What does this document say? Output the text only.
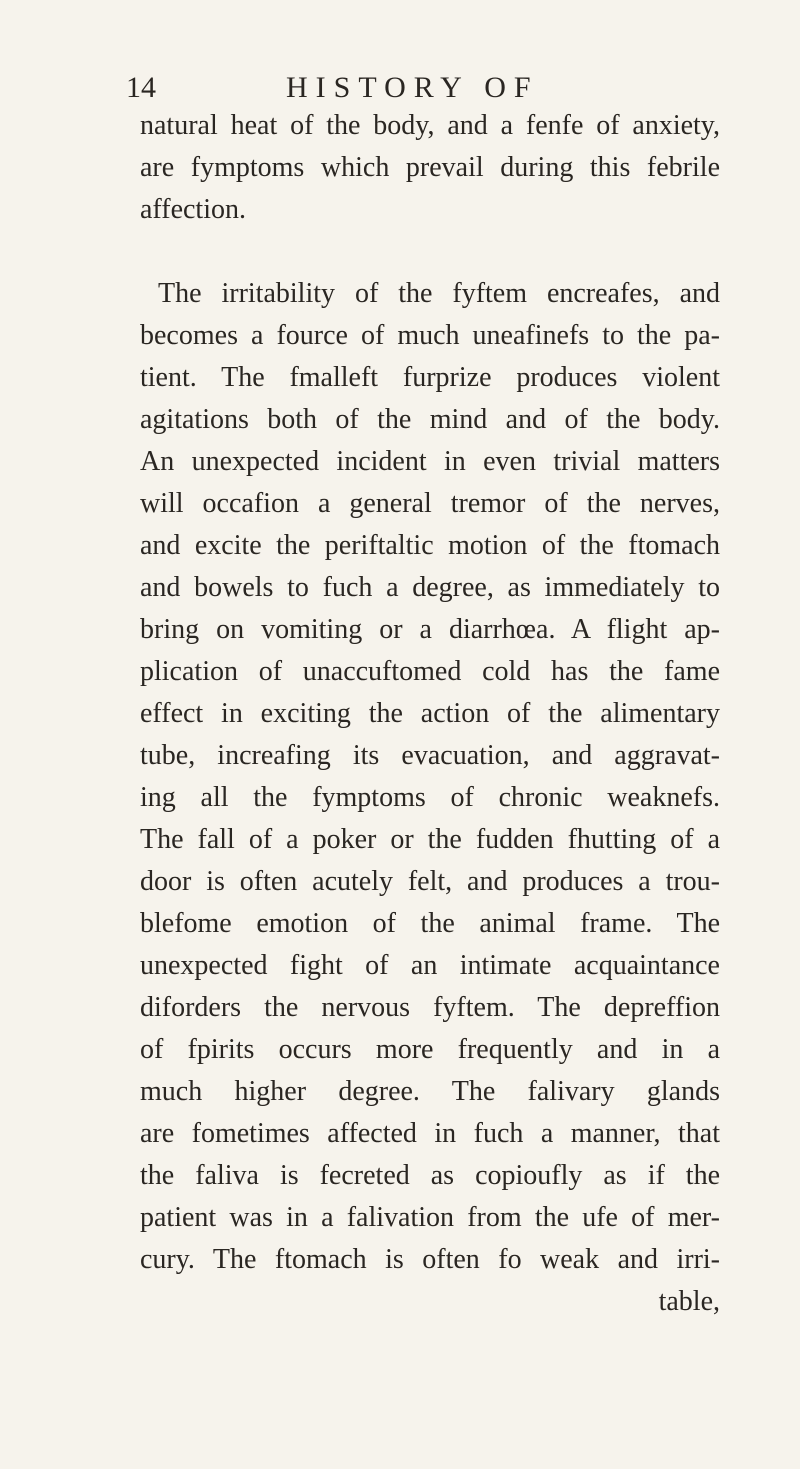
14	HISTORY OF
natural heat of the body, and a fenfe of anxiety,
are fymptoms which prevail during this febrile
affection.
The irritability of the fyftem encreafes, and
becomes a fource of much uneafinefs to the pa-
tient. The fmalleft furprize produces violent
agitations both of the mind and of the body.
An unexpected incident in even trivial matters
will occafion a general tremor of the nerves,
and excite the periftaltic motion of the ftomach
and bowels to fuch a degree, as immediately to
bring on vomiting or a diarrhœa. A flight ap-
plication of unaccuftomed cold has the fame
effect in exciting the action of the alimentary
tube, increafing its evacuation, and aggravat-
ing all the fymptoms of chronic weaknefs.
The fall of a poker or the fudden fhutting of a
door is often acutely felt, and produces a trou-
blefome emotion of the animal frame. The
unexpected fight of an intimate acquaintance
diforders the nervous fyftem. The depreffion
of fpirits occurs more frequently and in a
much higher degree. The falivary glands
are fometimes affected in fuch a manner, that
the faliva is fecreted as copioufly as if the
patient was in a falivation from the ufe of mer-
cury. The ftomach is often fo weak and irri-
table,
